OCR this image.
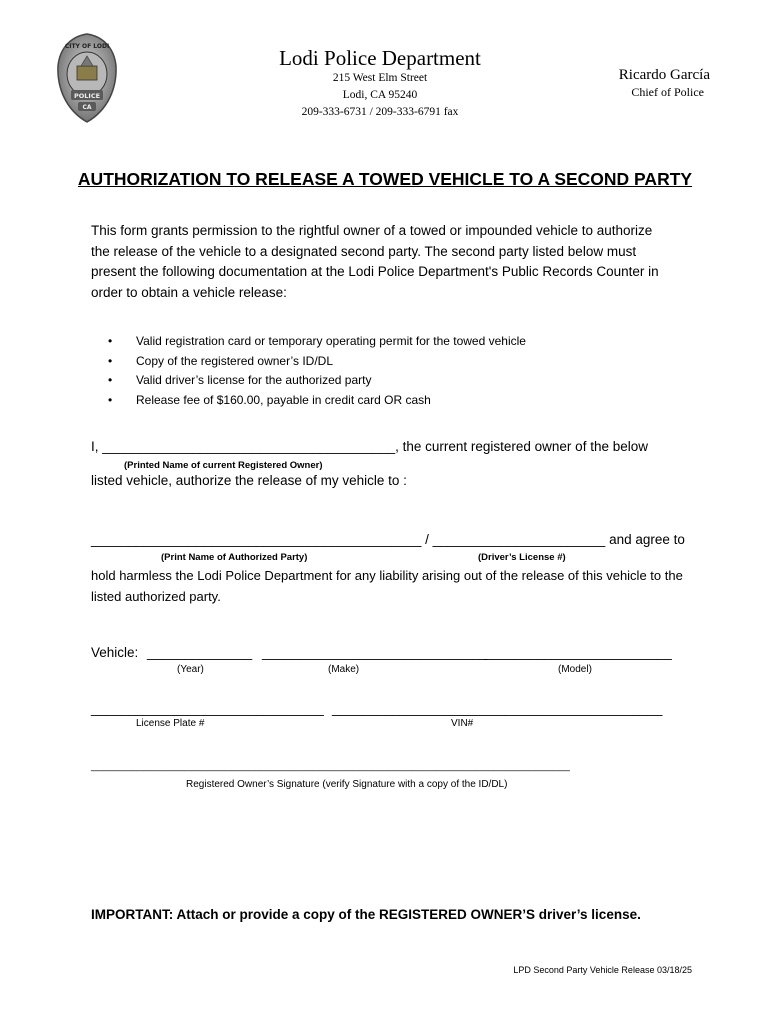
CITY OF LODI
POLICE
CA
Lodi Police Department
215 West Elm Street
Lodi, CA 95240
209-333-6731 / 209-333-6791 fax
Ricardo García
Chief of Police
AUTHORIZATION TO RELEASE A TOWED VEHICLE TO A SECOND PARTY
This form grants permission to the rightful owner of a towed or impounded vehicle to authorize
the release of the vehicle to a designated second party. The second party listed below must
present the following documentation at the Lodi Police Department's Public Records Counter in
order to obtain a vehicle release:
• Valid registration card or temporary operating permit for the towed vehicle
• Copy of the registered owner’s ID/DL
• Valid driver’s license for the authorized party
• Release fee of $160.00, payable in credit card OR cash
I, _______________________________________, the current registered owner of the below
(Printed Name of current Registered Owner)
listed vehicle, authorize the release of my vehicle to :
____________________________________________ / _______________________ and agree to
(Print Name of Authorized Party)	(Driver’s License #)
hold harmless the Lodi Police Department for any liability arising out of the release of this vehicle to the
listed authorized party.
Vehicle: ______________ ______________________________
_________________________
(Year)	(Make)	(Model)
_______________________________ ____________________________________________
License Plate #	VIN#
__________________________________________________________________________________
Registered Owner’s Signature (verify Signature with a copy of the ID/DL)
IMPORTANT: Attach or provide a copy of the REGISTERED OWNER’S driver’s license.
LPD Second Party Vehicle Release 03/18/25
